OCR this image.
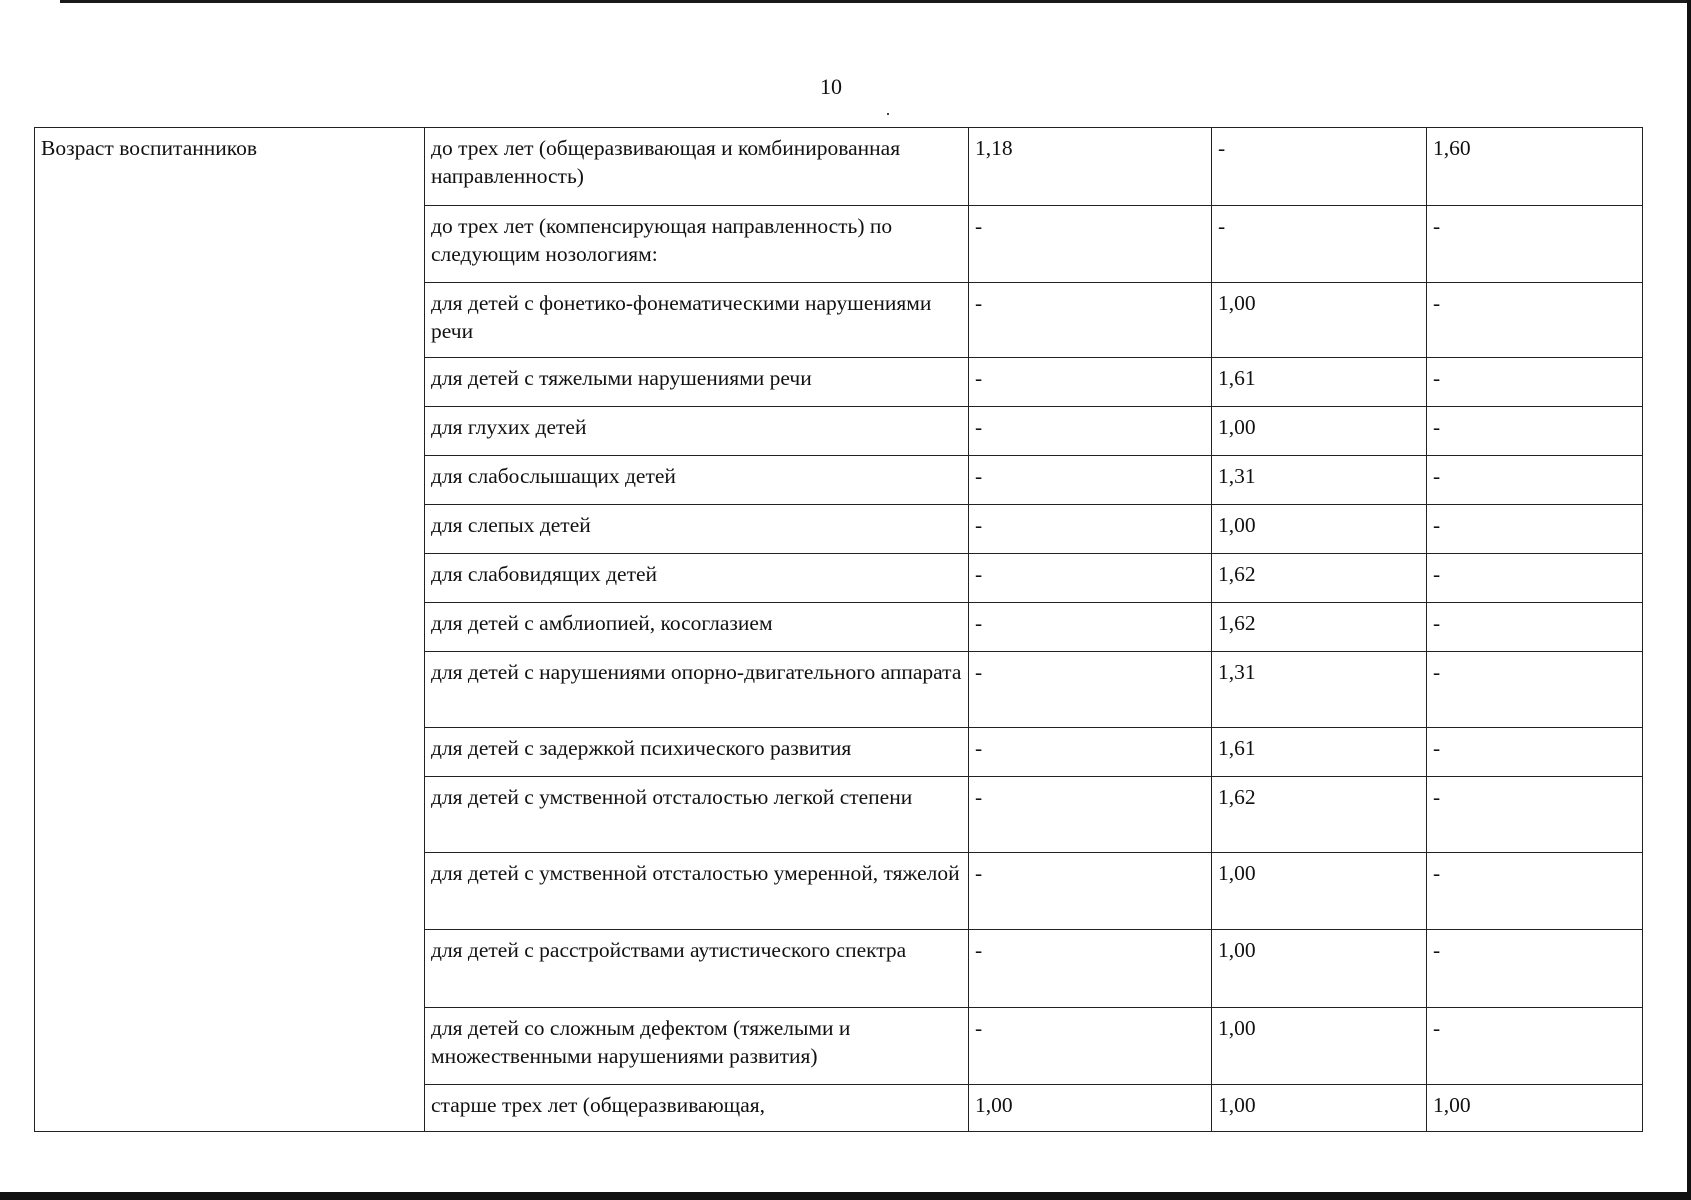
10
Возраст воспитанников	до трех лет (общеразвивающая и комбинированная направленность)	1,18	-	1,60
	до трех лет (компенсирующая направленность) по следующим нозологиям:	-	-	-
	для детей с фонетико-фонематическими нарушениями речи	-	1,00	-
	для детей с тяжелыми нарушениями речи	-	1,61	-
	для глухих детей	-	1,00	-
	для слабослышащих детей	-	1,31	-
	для слепых детей	-	1,00	-
	для слабовидящих детей	-	1,62	-
	для детей с амблиопией, косоглазием	-	1,62	-
	для детей с нарушениями опорно-двигательного аппарата	-	1,31	-
	для детей с задержкой психического развития	-	1,61	-
	для детей с умственной отсталостью легкой степени	-	1,62	-
	для детей с умственной отсталостью умеренной, тяжелой	-	1,00	-
	для детей с расстройствами аутистического спектра	-	1,00	-
	для детей со сложным дефектом (тяжелыми и множественными нарушениями развития)	-	1,00	-
	старше трех лет (общеразвивающая,	1,00	1,00	1,00
